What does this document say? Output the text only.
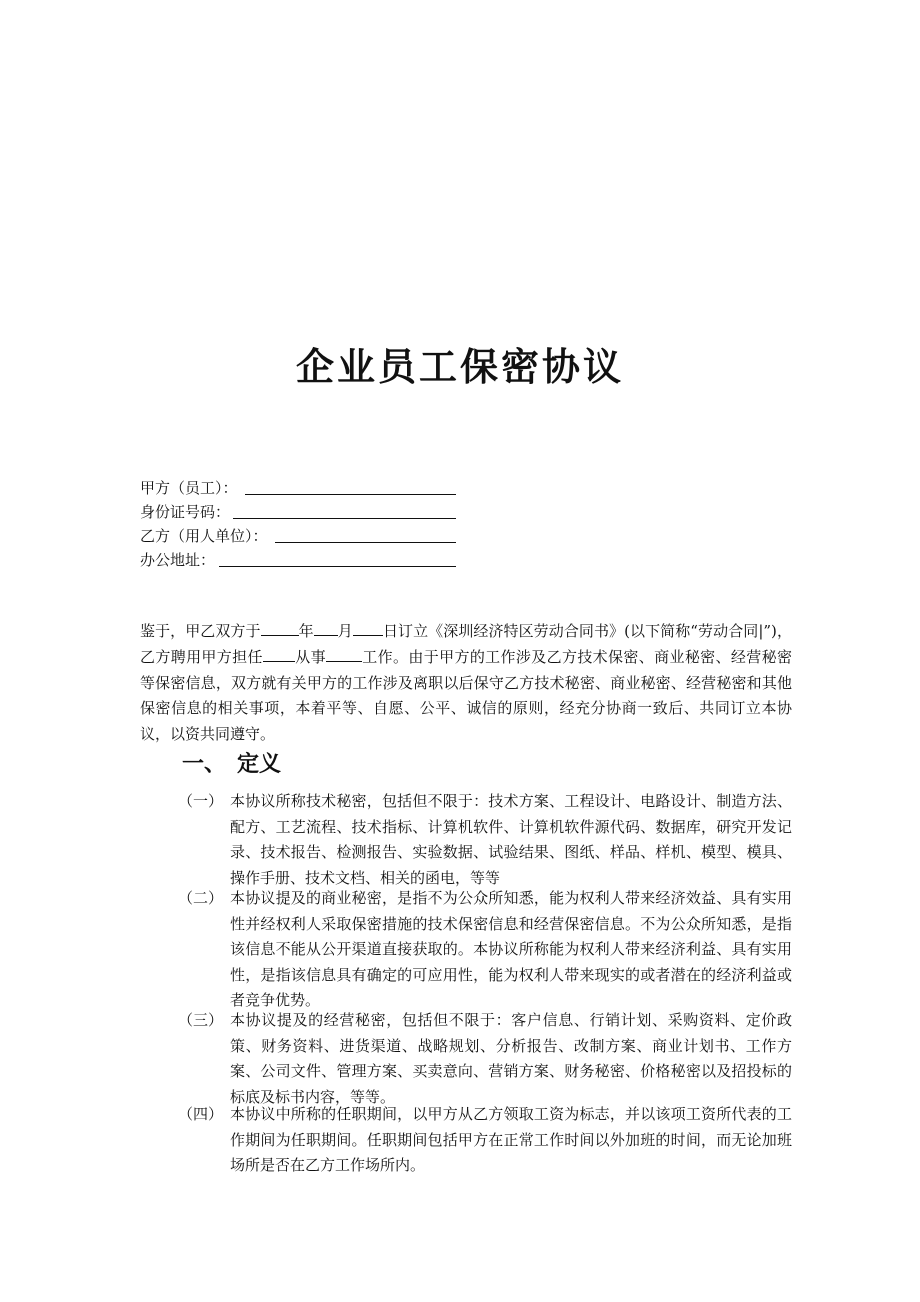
企业员工保密协议
甲方（员工）：
身份证号码：
乙方（用人单位）：
办公地址：
鉴于，甲乙双方于	年 月 日订立《深圳经济特区劳动合同书》(以下简称“劳动合同|”)，乙方聘用甲方担任 从事 工作。由于甲方的工作涉及乙方技术保密、商业秘密、经营秘密等保密信息，双方就有关甲方的工作涉及离职以后保守乙方技术秘密、商业秘密、经营秘密和其他保密信息的相关事项，本着平等、自愿、公平、诚信的原则，经充分协商一致后、共同订立本协议，以资共同遵守。
一、 定义
（一） 本协议所称技术秘密，包括但不限于：技术方案、工程设计、电路设计、制造方法、配方、工艺流程、技术指标、计算机软件、计算机软件源代码、数据库，研究开发记录、技术报告、检测报告、实验数据、试验结果、图纸、样品、样机、模型、模具、操作手册、技术文档、相关的函电，等等
（二） 本协议提及的商业秘密，是指不为公众所知悉，能为权利人带来经济效益、具有实用性并经权利人采取保密措施的技术保密信息和经营保密信息。不为公众所知悉，是指该信息不能从公开渠道直接获取的。本协议所称能为权利人带来经济利益、具有实用性，是指该信息具有确定的可应用性，能为权利人带来现实的或者潜在的经济利益或者竞争优势。
（三） 本协议提及的经营秘密，包括但不限于：客户信息、行销计划、采购资料、定价政策、财务资料、进货渠道、战略规划、分析报告、改制方案、商业计划书、工作方案、公司文件、管理方案、买卖意向、营销方案、财务秘密、价格秘密以及招投标的标底及标书内容，等等。
（四） 本协议中所称的任职期间，以甲方从乙方领取工资为标志，并以该项工资所代表的工作期间为任职期间。任职期间包括甲方在正常工作时间以外加班的时间，而无论加班场所是否在乙方工作场所内。
